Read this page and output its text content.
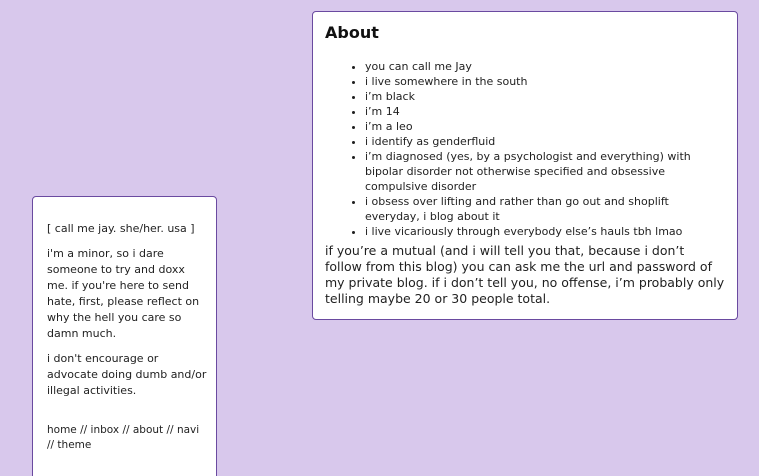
[ call me jay. she/her. usa ]

i'm a minor, so i dare someone to try and doxx me. if you're here to send hate, first, please reflect on why the hell you care so damn much.

i don't encourage or advocate doing dumb and/or illegal activities.

home // inbox // about // navi
// theme
About
• you can call me Jay
• i live somewhere in the south
• i’m black
• i’m 14
• i’m a leo
• i identify as genderfluid
• i’m diagnosed (yes, by a psychologist and everything) with bipolar disorder not otherwise specified and obsessive compulsive disorder
• i obsess over lifting and rather than go out and shoplift everyday, i blog about it
• i live vicariously through everybody else’s hauls tbh lmao

if you’re a mutual (and i will tell you that, because i don’t follow from this blog) you can ask me the url and password of my private blog. if i don’t tell you, no offense, i’m probably only telling maybe 20 or 30 people total.
